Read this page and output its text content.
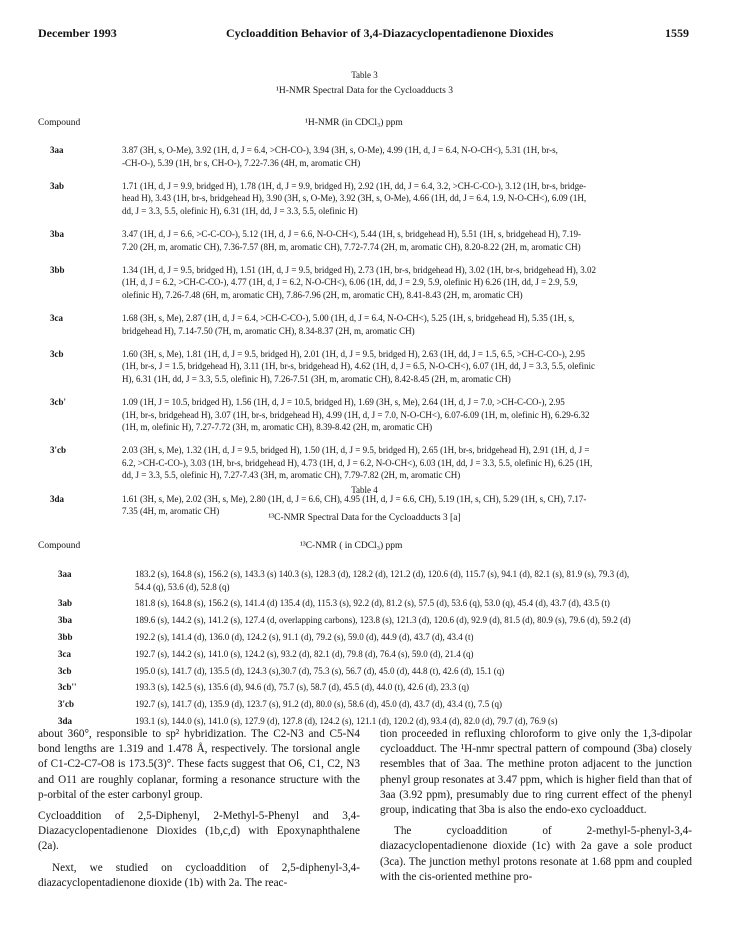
December 1993	Cycloaddition Behavior of 3,4-Diazacyclopentadienone Dioxides	1559
Table 3
¹H-NMR Spectral Data for the Cycloadducts 3
Compound	¹H-NMR (in CDCl₃) ppm
3aa	3.87 (3H, s, O-Me), 3.92 (1H, d, J = 6.4, >CH-CO-), 3.94 (3H, s, O-Me), 4.99 (1H, d, J = 6.4, N-O-CH<), 5.31 (1H, br-s,
-CH-O-), 5.39 (1H, br s, CH-O-), 7.22-7.36 (4H, m, aromatic CH)
3ab	1.71 (1H, d, J = 9.9, bridged H), 1.78 (1H, d, J = 9.9, bridged H), 2.92 (1H, dd, J = 6.4, 3.2, >CH-C-CO-), 3.12 (1H, br-s, bridge-
head H), 3.43 (1H, br-s, bridgehead H), 3.90 (3H, s, O-Me), 3.92 (3H, s, O-Me), 4.66 (1H, dd, J = 6.4, 1.9, N-O-CH<), 6.09 (1H,
dd, J = 3.3, 5.5, olefinic H), 6.31 (1H, dd, J = 3.3, 5.5, olefinic H)
3ba	3.47 (1H, d, J = 6.6, >C-C-CO-), 5.12 (1H, d, J = 6.6, N-O-CH<), 5.44 (1H, s, bridgehead H), 5.51 (1H, s, bridgehead H), 7.19-
7.20 (2H, m, aromatic CH), 7.36-7.57 (8H, m, aromatic CH), 7.72-7.74 (2H, m, aromatic CH), 8.20-8.22 (2H, m, aromatic CH)
3bb	1.34 (1H, d, J = 9.5, bridged H), 1.51 (1H, d, J = 9.5, bridged H), 2.73 (1H, br-s, bridgehead H), 3.02 (1H, br-s, bridgehead H), 3.02
(1H, d, J = 6.2, >CH-C-CO-), 4.77 (1H, d, J = 6.2, N-O-CH<), 6.06 (1H, dd, J = 2.9, 5.9, olefinic H) 6.26 (1H, dd, J = 2.9, 5.9,
olefinic H), 7.26-7.48 (6H, m, aromatic CH), 7.86-7.96 (2H, m, aromatic CH), 8.41-8.43 (2H, m, aromatic CH)
3ca	1.68 (3H, s, Me), 2.87 (1H, d, J = 6.4, >CH-C-CO-), 5.00 (1H, d, J = 6.4, N-O-CH<), 5.25 (1H, s, bridgehead H), 5.35 (1H, s,
bridgehead H), 7.14-7.50 (7H, m, aromatic CH), 8.34-8.37 (2H, m, aromatic CH)
3cb	1.60 (3H, s, Me), 1.81 (1H, d, J = 9.5, bridged H), 2.01 (1H, d, J = 9.5, bridged H), 2.63 (1H, dd, J = 1.5, 6.5, >CH-C-CO-), 2.95
(1H, br-s, J = 1.5, bridgehead H), 3.11 (1H, br-s, bridgehead H), 4.62 (1H, d, J = 6.5, N-O-CH<), 6.07 (1H, dd, J = 3.3, 5.5, olefinic
H), 6.31 (1H, dd, J = 3.3, 5.5, olefinic H), 7.26-7.51 (3H, m, aromatic CH), 8.42-8.45 (2H, m, aromatic CH)
3cb'	1.09 (1H, J = 10.5, bridged H), 1.56 (1H, d, J = 10.5, bridged H), 1.69 (3H, s, Me), 2.64 (1H, d, J = 7.0, >CH-C-CO-), 2.95
(1H, br-s, bridgehead H), 3.07 (1H, br-s, bridgehead H), 4.99 (1H, d, J = 7.0, N-O-CH<), 6.07-6.09 (1H, m, olefinic H), 6.29-6.32
(1H, m, olefinic H), 7.27-7.72 (3H, m, aromatic CH), 8.39-8.42 (2H, m, aromatic CH)
3'cb	2.03 (3H, s, Me), 1.32 (1H, d, J = 9.5, bridged H), 1.50 (1H, d, J = 9.5, bridged H), 2.65 (1H, br-s, bridgehead H), 2.91 (1H, d, J =
6.2, >CH-C-CO-), 3.03 (1H, br-s, bridgehead H), 4.73 (1H, d, J = 6.2, N-O-CH<), 6.03 (1H, dd, J = 3.3, 5.5, olefinic H), 6.25 (1H,
dd, J = 3.3, 5.5, olefinic H), 7.27-7.43 (3H, m, aromatic CH), 7.79-7.82 (2H, m, aromatic CH)
3da	1.61 (3H, s, Me), 2.02 (3H, s, Me), 2.80 (1H, d, J = 6.6, CH), 4.95 (1H, d, J = 6.6, CH), 5.19 (1H, s, CH), 5.29 (1H, s, CH), 7.17-
7.35 (4H, m, aromatic CH)
Table 4
¹³C-NMR Spectral Data for the Cycloadducts 3 [a]
Compound	¹³C-NMR ( in CDCl₃) ppm
3aa	183.2 (s), 164.8 (s), 156.2 (s), 143.3 (s) 140.3 (s), 128.3 (d), 128.2 (d), 121.2 (d), 120.6 (d), 115.7 (s), 94.1 (d), 82.1 (s), 81.9 (s), 79.3 (d),
54.4 (q), 53.6 (d), 52.8 (q)
3ab	181.8 (s), 164.8 (s), 156.2 (s), 141.4 (d) 135.4 (d), 115.3 (s), 92.2 (d), 81.2 (s), 57.5 (d), 53.6 (q), 53.0 (q), 45.4 (d), 43.7 (d), 43.5 (t)
3ba	189.6 (s), 144.2 (s), 141.2 (s), 127.4 (d, overlapping carbons), 123.8 (s), 121.3 (d), 120.6 (d), 92.9 (d), 81.5 (d), 80.9 (s), 79.6 (d), 59.2 (d)
3bb	192.2 (s), 141.4 (d), 136.0 (d), 124.2 (s), 91.1 (d), 79.2 (s), 59.0 (d), 44.9 (d), 43.7 (d), 43.4 (t)
3ca	192.7 (s), 144.2 (s), 141.0 (s), 124.2 (s), 93.2 (d), 82.1 (d), 79.8 (d), 76.4 (s), 59.0 (d), 21.4 (q)
3cb	195.0 (s), 141.7 (d), 135.5 (d), 124.3 (s),30.7 (d), 75.3 (s), 56.7 (d), 45.0 (d), 44.8 (t), 42.6 (d), 15.1 (q)
3cb''	193.3 (s), 142.5 (s), 135.6 (d), 94.6 (d), 75.7 (s), 58.7 (d), 45.5 (d), 44.0 (t), 42.6 (d), 23.3 (q)
3'cb	192.7 (s), 141.7 (d), 135.9 (d), 123.7 (s), 91.2 (d), 80.0 (s), 58.6 (d), 45.0 (d), 43.7 (d), 43.4 (t), 7.5 (q)
3da	193.1 (s), 144.0 (s), 141.0 (s), 127.9 (d), 127.8 (d), 124.2 (s), 121.1 (d), 120.2 (d), 93.4 (d), 82.0 (d), 79.7 (d), 76.9 (s)

about 360°, responsible to sp² hybridization. The C2-N3 and C5-N4 bond lengths are 1.319 and 1.478 Å, respectively. The torsional angle of C1-C2-C7-O8 is 173.5(3)°. These facts suggest that O6, C1, C2, N3 and O11 are roughly coplanar, forming a resonance structure with the p-orbital of the ester carbonyl group.

Cycloaddition of 2,5-Diphenyl, 2-Methyl-5-Phenyl and 3,4-Diazacyclopentadienone Dioxides (1b,c,d) with Epoxynaphthalene (2a).

Next, we studied on cycloaddition of 2,5-diphenyl-3,4-diazacyclopentadienone dioxide (1b) with 2a. The reac-

tion proceeded in refluxing chloroform to give only the 1,3-dipolar cycloadduct. The ¹H-nmr spectral pattern of compound (3ba) closely resembles that of 3aa. The methine proton adjacent to the junction phenyl group resonates at 3.47 ppm, which is higher field than that of 3aa (3.92 ppm), presumably due to ring current effect of the phenyl group, indicating that 3ba is also the endo-exo cycloadduct.

The cycloaddition of 2-methyl-5-phenyl-3,4-diazacyclopentadienone dioxide (1c) with 2a gave a sole product (3ca). The junction methyl protons resonate at 1.68 ppm and coupled with the cis-oriented methine pro-
